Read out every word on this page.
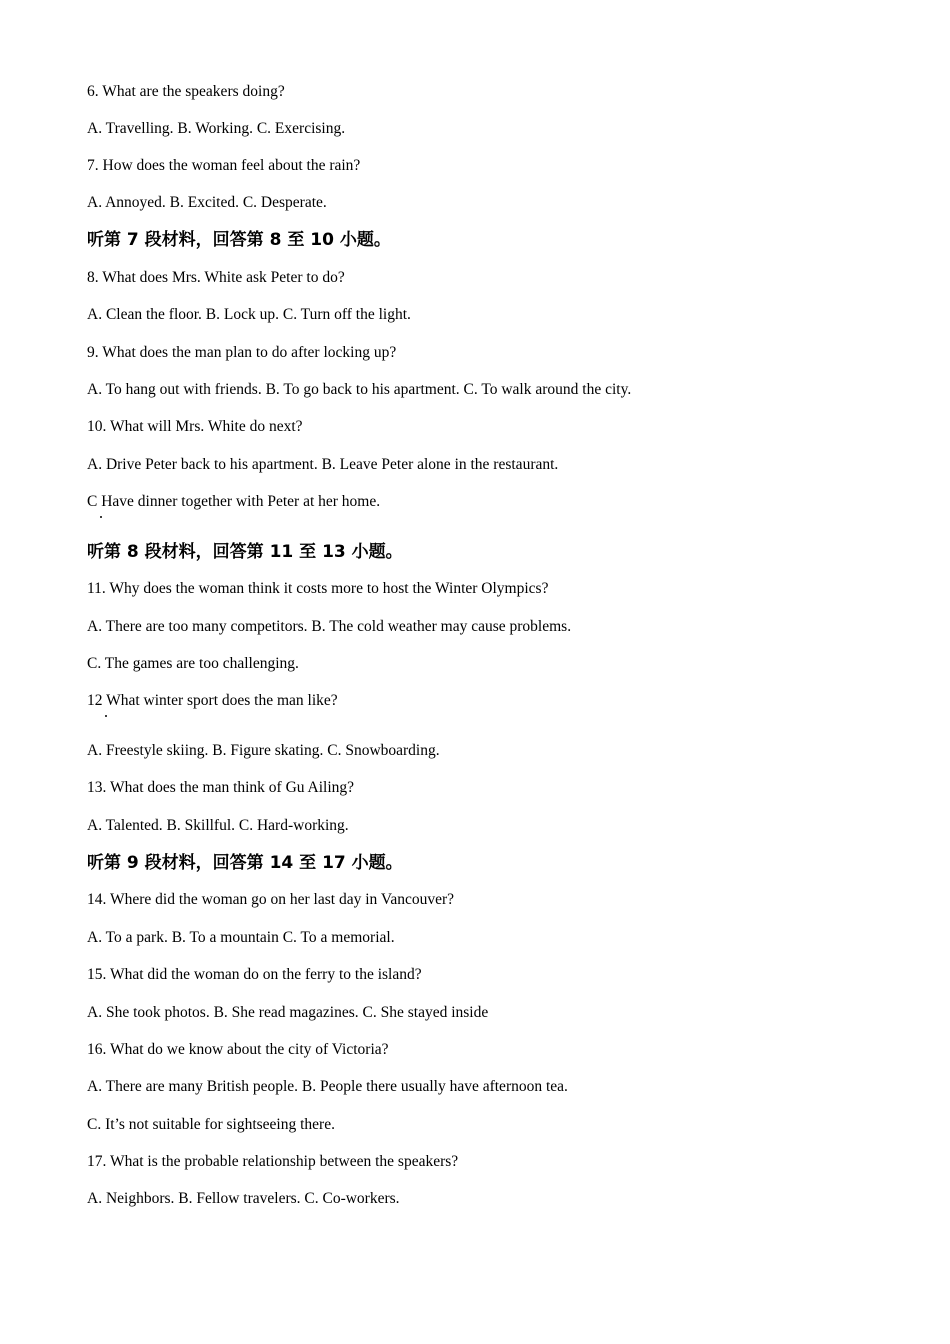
6. What are the speakers doing?
A. Travelling. B. Working. C. Exercising.
7. How does the woman feel about the rain?
A. Annoyed. B. Excited. C. Desperate.
听第 7 段材料，回答第 8 至 10 小题。
8. What does Mrs. White ask Peter to do?
A. Clean the floor. B. Lock up. C. Turn off the light.
9. What does the man plan to do after locking up?
A. To hang out with friends. B. To go back to his apartment. C. To walk around the city.
10. What will Mrs. White do next?
A. Drive Peter back to his apartment. B. Leave Peter alone in the restaurant.
C Have dinner together with Peter at her home.
听第 8 段材料，回答第 11 至 13 小题。
11. Why does the woman think it costs more to host the Winter Olympics?
A. There are too many competitors. B. The cold weather may cause problems.
C. The games are too challenging.
12 What winter sport does the man like?
A. Freestyle skiing. B. Figure skating. C. Snowboarding.
13. What does the man think of Gu Ailing?
A. Talented. B. Skillful. C. Hard-working.
听第 9 段材料，回答第 14 至 17 小题。
14. Where did the woman go on her last day in Vancouver?
A. To a park. B. To a mountain C. To a memorial.
15. What did the woman do on the ferry to the island?
A. She took photos. B. She read magazines. C. She stayed inside
16. What do we know about the city of Victoria?
A. There are many British people. B. People there usually have afternoon tea.
C. It’s not suitable for sightseeing there.
17. What is the probable relationship between the speakers?
A. Neighbors. B. Fellow travelers. C. Co-workers.
